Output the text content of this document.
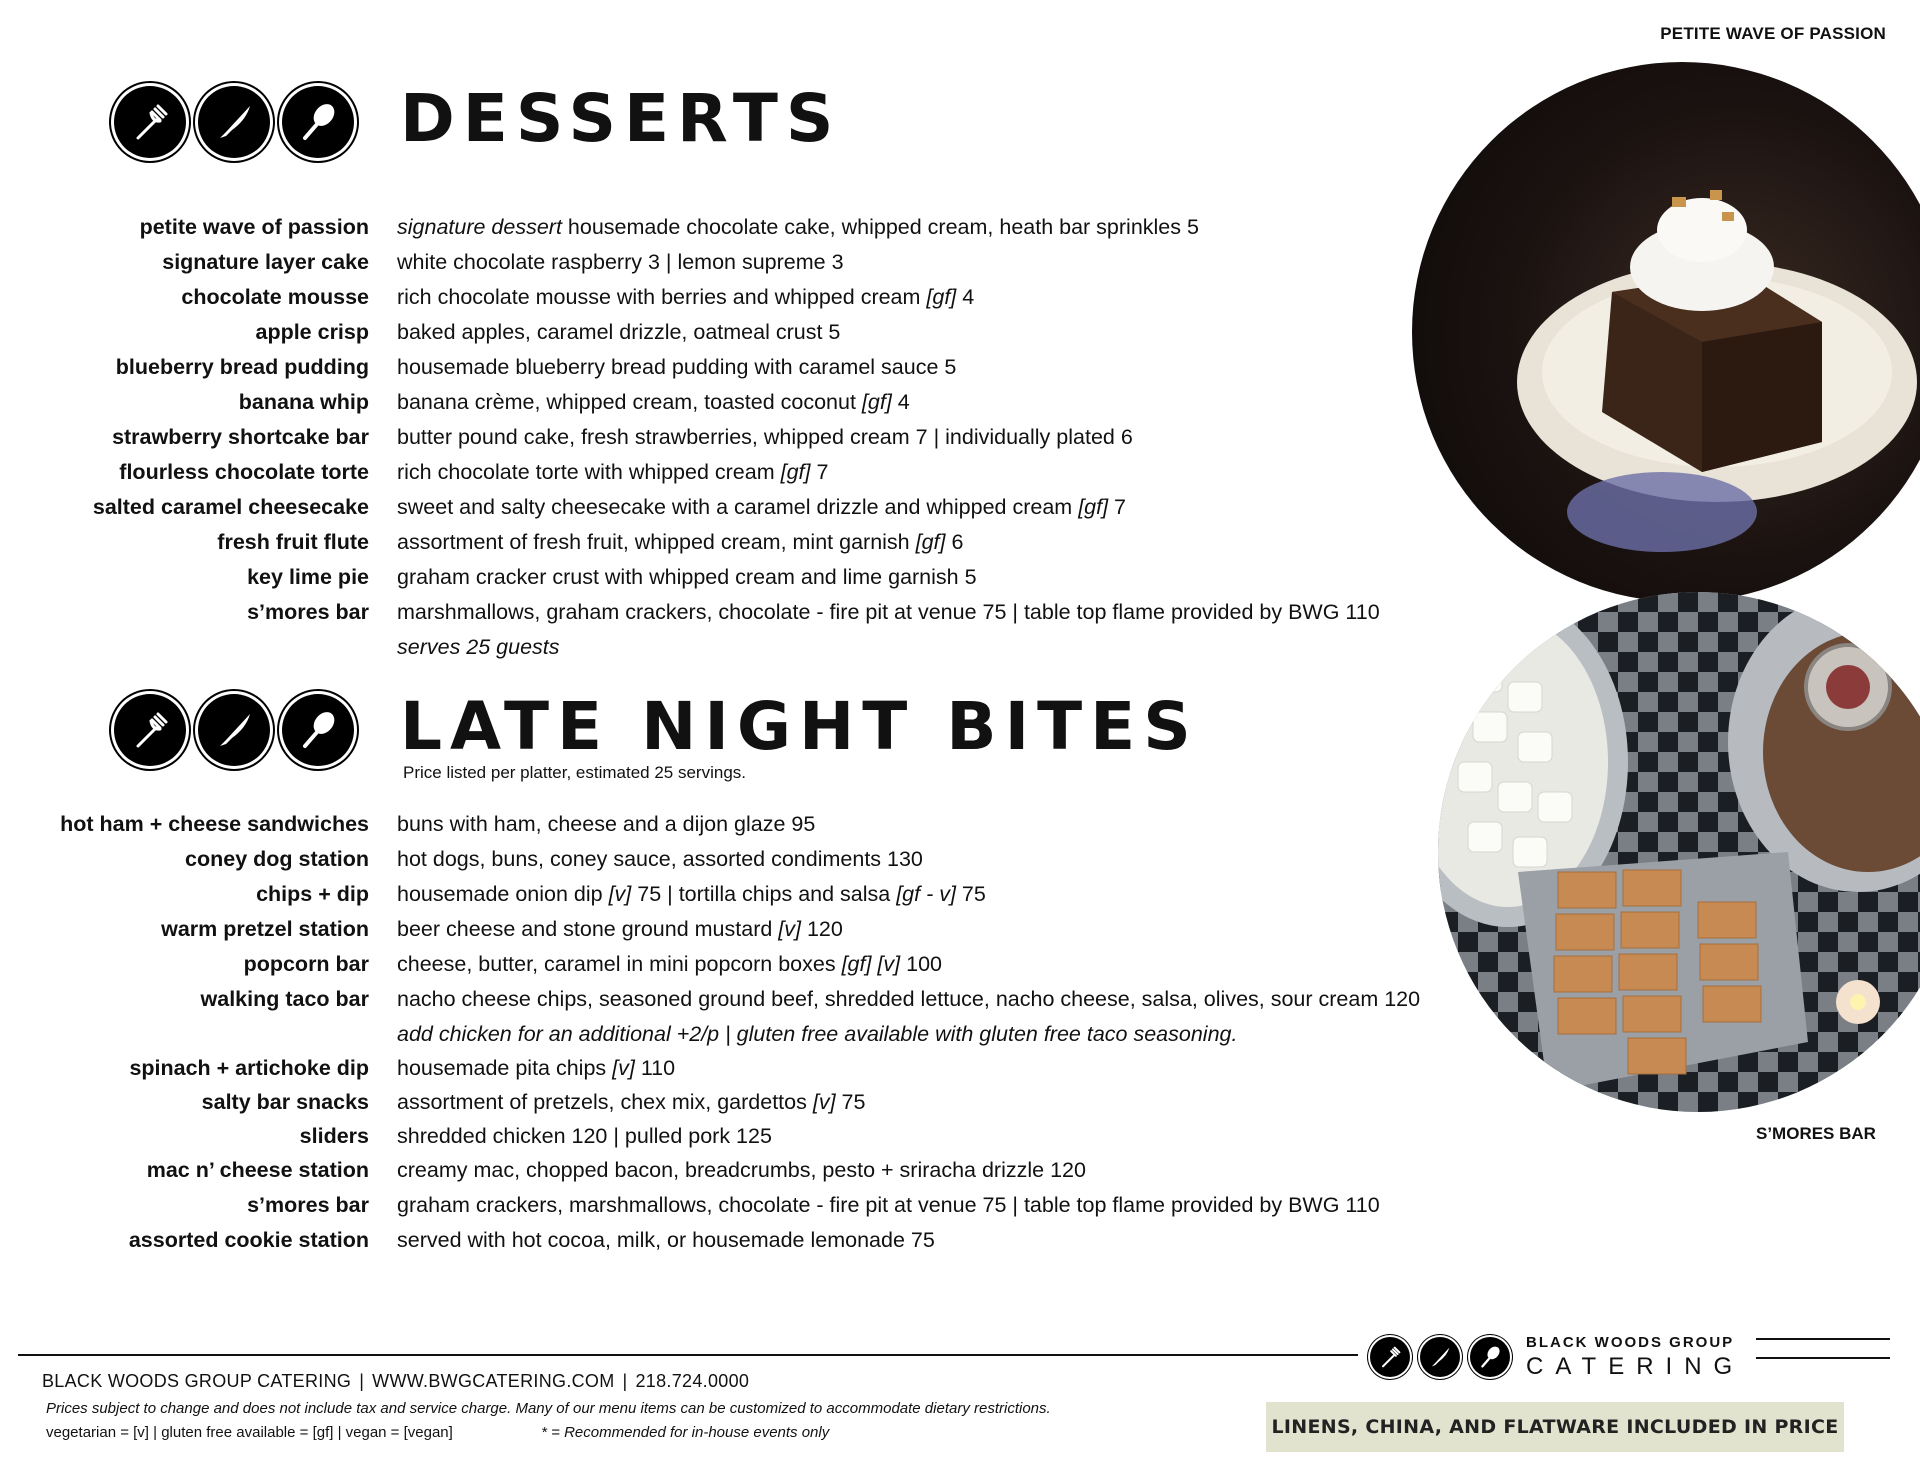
PETITE WAVE OF PASSION
S’MORES BAR
DESSERTS
petite wave of passion signature dessert housemade chocolate cake, whipped cream, heath bar sprinkles 5
signature layer cake white chocolate raspberry 3 | lemon supreme 3
chocolate mousse rich chocolate mousse with berries and whipped cream [gf] 4
apple crisp baked apples, caramel drizzle, oatmeal crust 5
blueberry bread pudding housemade blueberry bread pudding with caramel sauce 5
banana whip banana crème, whipped cream, toasted coconut [gf] 4
strawberry shortcake bar butter pound cake, fresh strawberries, whipped cream 7 | individually plated 6
flourless chocolate torte rich chocolate torte with whipped cream [gf] 7
salted caramel cheesecake sweet and salty cheesecake with a caramel drizzle and whipped cream [gf] 7
fresh fruit flute assortment of fresh fruit, whipped cream, mint garnish [gf] 6
key lime pie graham cracker crust with whipped cream and lime garnish 5
s’mores bar marshmallows, graham crackers, chocolate - fire pit at venue 75 | table top flame provided by BWG 110
serves 25 guests
LATE NIGHT BITES
Price listed per platter, estimated 25 servings.
hot ham + cheese sandwiches buns with ham, cheese and a dijon glaze 95
coney dog station hot dogs, buns, coney sauce, assorted condiments 130
chips + dip housemade onion dip [v] 75 | tortilla chips and salsa [gf - v] 75
warm pretzel station beer cheese and stone ground mustard [v] 120
popcorn bar cheese, butter, caramel in mini popcorn boxes [gf] [v] 100
walking taco bar nacho cheese chips, seasoned ground beef, shredded lettuce, nacho cheese, salsa, olives, sour cream 120
add chicken for an additional +2/p | gluten free available with gluten free taco seasoning.
spinach + artichoke dip housemade pita chips [v] 110
salty bar snacks assortment of pretzels, chex mix, gardettos [v] 75
sliders shredded chicken 120 | pulled pork 125
mac n’ cheese station creamy mac, chopped bacon, breadcrumbs, pesto + sriracha drizzle 120
s’mores bar graham crackers, marshmallows, chocolate - fire pit at venue 75 | table top flame provided by BWG 110
assorted cookie station served with hot cocoa, milk, or housemade lemonade 75
BLACK WOODS GROUP
CATERING
BLACK WOODS GROUP CATERING | WWW.BWGCATERING.COM | 218.724.0000
Prices subject to change and does not include tax and service charge. Many of our menu items can be customized to accommodate dietary restrictions.
vegetarian = [v] | gluten free available = [gf] | vegan = [vegan]	* = Recommended for in-house events only	LINENS, CHINA, AND FLATWARE INCLUDED IN PRICE
